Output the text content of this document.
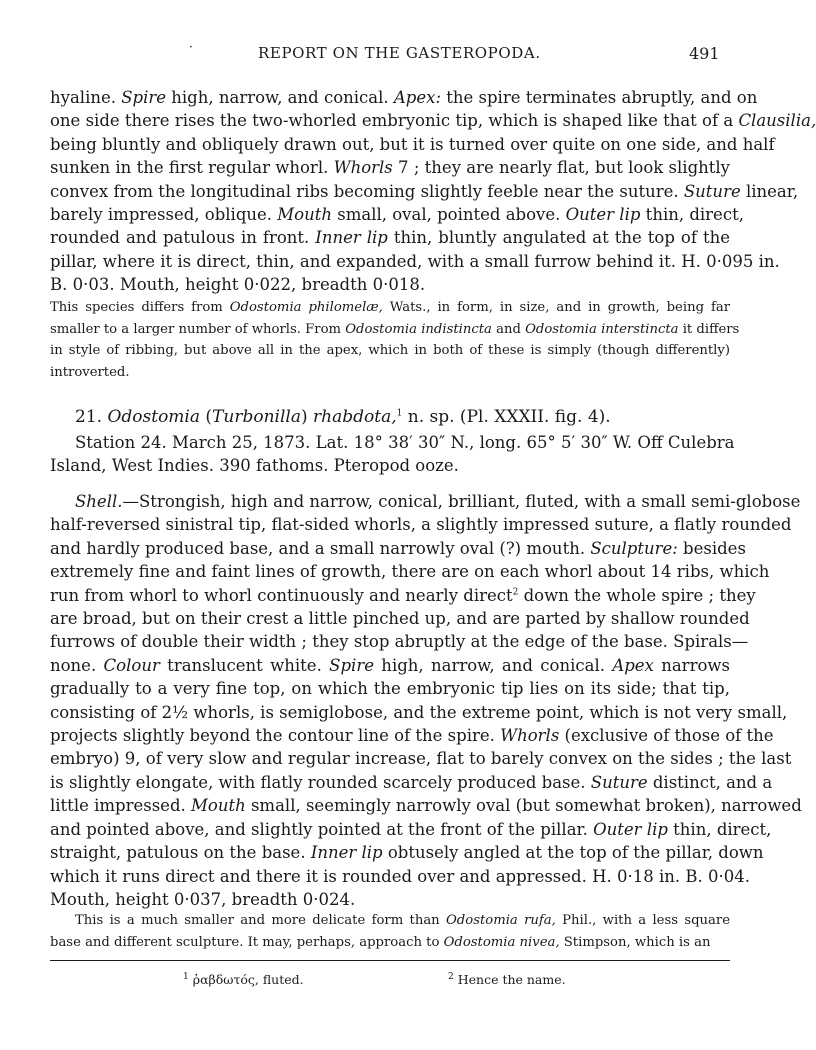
·	REPORT ON THE GASTEROPODA.	491
hyaline. Spire high, narrow, and conical. Apex: the spire terminates abruptly, and on
one side there rises the two-whorled embryonic tip, which is shaped like that of a Clausilia,
being bluntly and obliquely drawn out, but it is turned over quite on one side, and half
sunken in the first regular whorl. Whorls 7 ; they are nearly flat, but look slightly
convex from the longitudinal ribs becoming slightly feeble near the suture. Suture linear,
barely impressed, oblique. Mouth small, oval, pointed above. Outer lip thin, direct,
rounded and patulous in front. Inner lip thin, bluntly angulated at the top of the
pillar, where it is direct, thin, and expanded, with a small furrow behind it. H. 0·095 in.
B. 0·03. Mouth, height 0·022, breadth 0·018.
This species differs from Odostomia philomelæ, Wats., in form, in size, and in growth, being far
smaller to a larger number of whorls. From Odostomia indistincta and Odostomia interstincta it differs
in style of ribbing, but above all in the apex, which in both of these is simply (though differently)
introverted.
21. Odostomia (Turbonilla) rhabdota,$^1$ n. sp. (Pl. XXXII. fig. 4).
Station 24. March 25, 1873. Lat. 18° 38′ 30″ N., long. 65° 5′ 30″ W. Off Culebra
Island, West Indies. 390 fathoms. Pteropod ooze.
Shell.—Strongish, high and narrow, conical, brilliant, fluted, with a small semi-globose
half-reversed sinistral tip, flat-sided whorls, a slightly impressed suture, a flatly rounded
and hardly produced base, and a small narrowly oval (?) mouth. Sculpture: besides
extremely fine and faint lines of growth, there are on each whorl about 14 ribs, which
run from whorl to whorl continuously and nearly direct$^2$ down the whole spire ; they
are broad, but on their crest a little pinched up, and are parted by shallow rounded
furrows of double their width ; they stop abruptly at the edge of the base. Spirals—
none. Colour translucent white. Spire high, narrow, and conical. Apex narrows
gradually to a very fine top, on which the embryonic tip lies on its side; that tip,
consisting of 2½ whorls, is semiglobose, and the extreme point, which is not very small,
projects slightly beyond the contour line of the spire. Whorls (exclusive of those of the
embryo) 9, of very slow and regular increase, flat to barely convex on the sides ; the last
is slightly elongate, with flatly rounded scarcely produced base. Suture distinct, and a
little impressed. Mouth small, seemingly narrowly oval (but somewhat broken), narrowed
and pointed above, and slightly pointed at the front of the pillar. Outer lip thin, direct,
straight, patulous on the base. Inner lip obtusely angled at the top of the pillar, down
which it runs direct and there it is rounded over and appressed. H. 0·18 in. B. 0·04.
Mouth, height 0·037, breadth 0·024.
This is a much smaller and more delicate form than Odostomia rufa, Phil., with a less square
base and different sculpture. It may, perhaps, approach to Odostomia nivea, Stimpson, which is an
$^1$ ῥαβδωτός, fluted.	$^2$ Hence the name.
